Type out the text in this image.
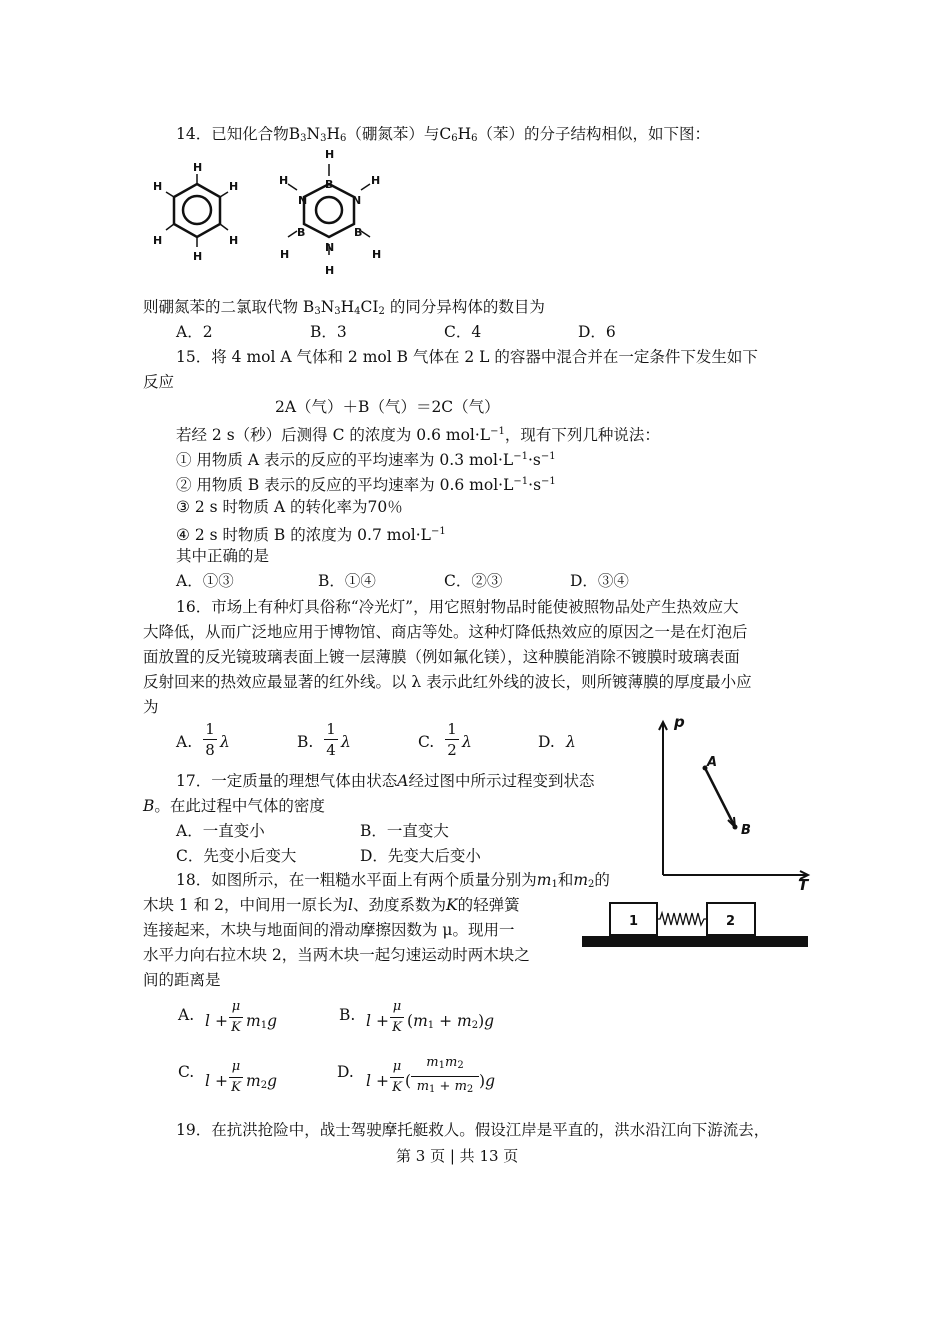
14．已知化合物$B_3N_3H_6$（硼氮苯）与$C_6H_6$（苯）的分子结构相似，如下图：
H
H
H
H
H
H
H
B
H	H
N
N
B	B
H	H
N
H
则硼氮苯的二氯取代物 $B_3N_3H_4CI_2$ 的同分异构体的数目为
A．2	B．3	C．4	D．6
15．将 4 mol A 气体和 2 mol B 气体在 2 L 的容器中混合并在一定条件下发生如下
反应
2A（气）＋B（气）＝2C（气）
若经 2 s（秒）后测得 C 的浓度为 0.6 $mol\cdot L^{-1}$，现有下列几种说法：
① 用物质 A 表示的反应的平均速率为 0.3 $mol\cdot L^{-1}\cdot s^{-1}$
② 用物质 B 表示的反应的平均速率为 0.6 $mol\cdot L^{-1}\cdot s^{-1}$
③ 2 s 时物质 A 的转化率为70％
④ 2 s 时物质 B 的浓度为 0.7 $mol\cdot L^{-1}$
其中正确的是
A．①③	B．①④	C．②③	D．③④
16．市场上有种灯具俗称“冷光灯”，用它照射物品时能使被照物品处产生热效应大
大降低，从而广泛地应用于博物馆、商店等处。这种灯降低热效应的原因之一是在灯泡后
面放置的反光镜玻璃表面上镀一层薄膜（例如氟化镁），这种膜能消除不镀膜时玻璃表面
反射回来的热效应最显著的红外线。以 λ 表示此红外线的波长，则所镀薄膜的厚度最小应
为
A.
1
8 λ	B.
1
4 λ	C.
1
2 λ	D. λ
17．一定质量的理想气体由状态A经过图中所示过程变到状态
B。在此过程中气体的密度
A．一直变小	B．一直变大
C．先变小后变大	D．先变大后变小
p
T
A
B
18．如图所示，在一粗糙水平面上有两个质量分别为$m_1$和$m_2$的
木块 1 和 2，中间用一原长为l、劲度系数为K的轻弹簧
连接起来，木块与地面间的滑动摩擦因数为 μ。现用一
水平力向右拉木块 2，当两木块一起匀速运动时两木块之
间的距离是
1	2
A. l +
μ
K $m_1g$	B. l +
μ
K $(m_1 + m_2)g$
C. l +
μ
K $m_2g$	D. l +
μ
K (
$m_1m_2$
$m_1 + m_2$ )g
19．在抗洪抢险中，战士驾驶摩托艇救人。假设江岸是平直的，洪水沿江向下游流去，
第 3 页 | 共 13 页
